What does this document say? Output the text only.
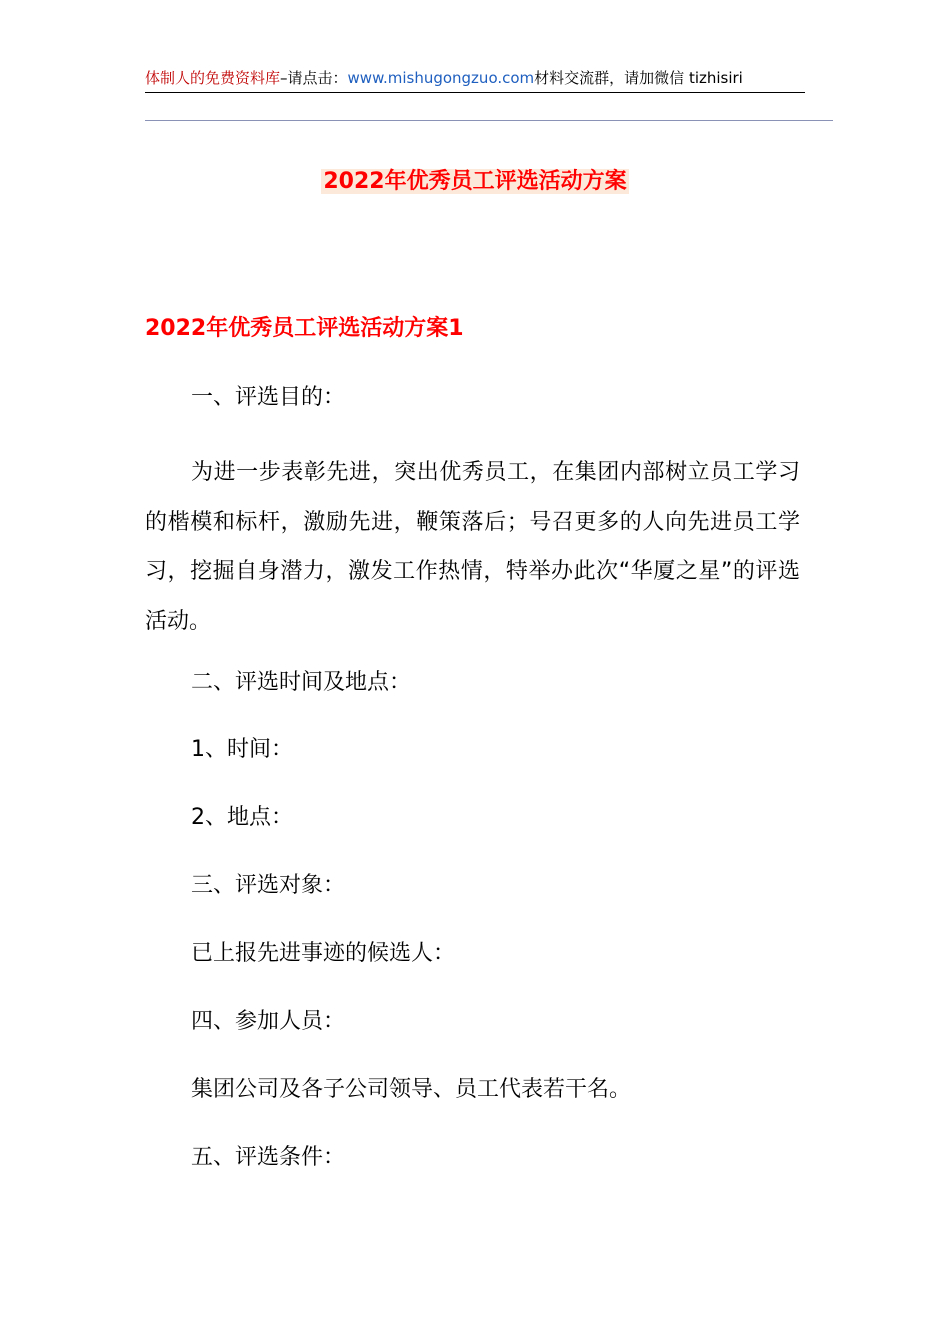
体制人的免费资料库–请点击：www.mishugongzuo.com材料交流群，请加微信 tizhisiri
2022年优秀员工评选活动方案
2022年优秀员工评选活动方案1
一、评选目的：
为进一步表彰先进，突出优秀员工，在集团内部树立员工学习的楷模和标杆，激励先进，鞭策落后；号召更多的人向先进员工学习，挖掘自身潜力，激发工作热情，特举办此次“华厦之星”的评选活动。
二、评选时间及地点：
1、时间：
2、地点：
三、评选对象：
已上报先进事迹的候选人：
四、参加人员：
集团公司及各子公司领导、员工代表若干名。
五、评选条件：
